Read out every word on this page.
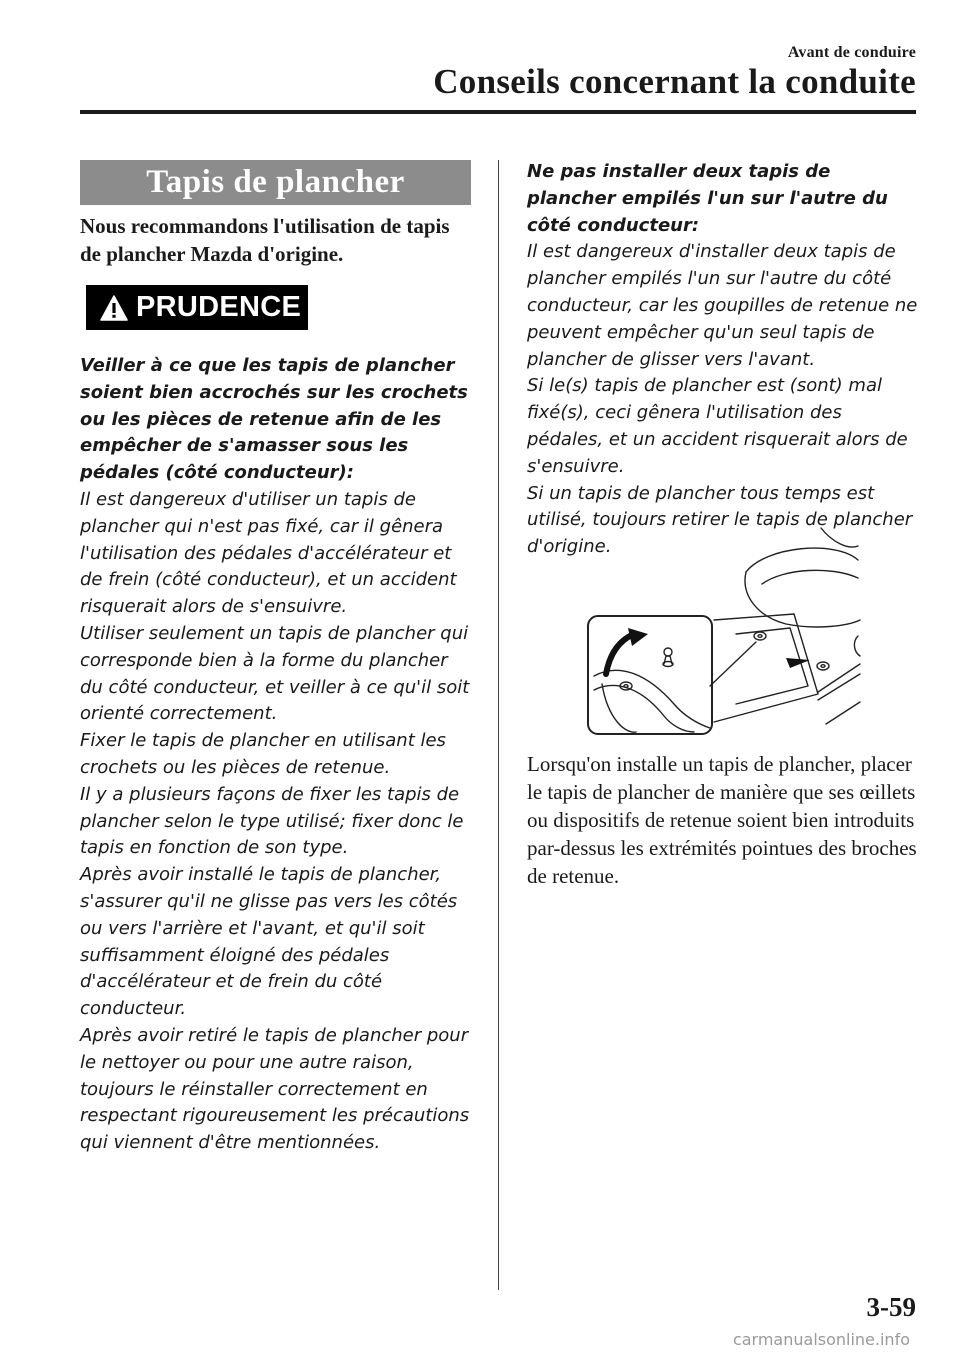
Avant de conduire
Conseils concernant la conduite
Tapis de plancher
Nous recommandons l'utilisation de tapis de plancher Mazda d'origine.
PRUDENCE

Veiller à ce que les tapis de plancher soient bien accrochés sur les crochets ou les pièces de retenue afin de les empêcher de s'amasser sous les pédales (côté conducteur):

Il est dangereux d'utiliser un tapis de plancher qui n'est pas fixé, car il gênera l'utilisation des pédales d'accélérateur et de frein (côté conducteur), et un accident risquerait alors de s'ensuivre.

Utiliser seulement un tapis de plancher qui corresponde bien à la forme du plancher du côté conducteur, et veiller à ce qu'il soit orienté correctement.

Fixer le tapis de plancher en utilisant les crochets ou les pièces de retenue.

Il y a plusieurs façons de fixer les tapis de plancher selon le type utilisé; fixer donc le tapis en fonction de son type.

Après avoir installé le tapis de plancher, s'assurer qu'il ne glisse pas vers les côtés ou vers l'arrière et l'avant, et qu'il soit suffisamment éloigné des pédales d'accélérateur et de frein du côté conducteur.

Après avoir retiré le tapis de plancher pour le nettoyer ou pour une autre raison, toujours le réinstaller correctement en respectant rigoureusement les précautions qui viennent d'être mentionnées.

Ne pas installer deux tapis de plancher empilés l'un sur l'autre du côté conducteur:

Il est dangereux d'installer deux tapis de plancher empilés l'un sur l'autre du côté conducteur, car les goupilles de retenue ne peuvent empêcher qu'un seul tapis de plancher de glisser vers l'avant.

Si le(s) tapis de plancher est (sont) mal fixé(s), ceci gênera l'utilisation des pédales, et un accident risquerait alors de s'ensuivre.

Si un tapis de plancher tous temps est utilisé, toujours retirer le tapis de plancher d'origine.

Lorsqu'on installe un tapis de plancher, placer le tapis de plancher de manière que ses œillets ou dispositifs de retenue soient bien introduits par-dessus les extrémités pointues des broches de retenue.
3-59
carmanualsonline.info
